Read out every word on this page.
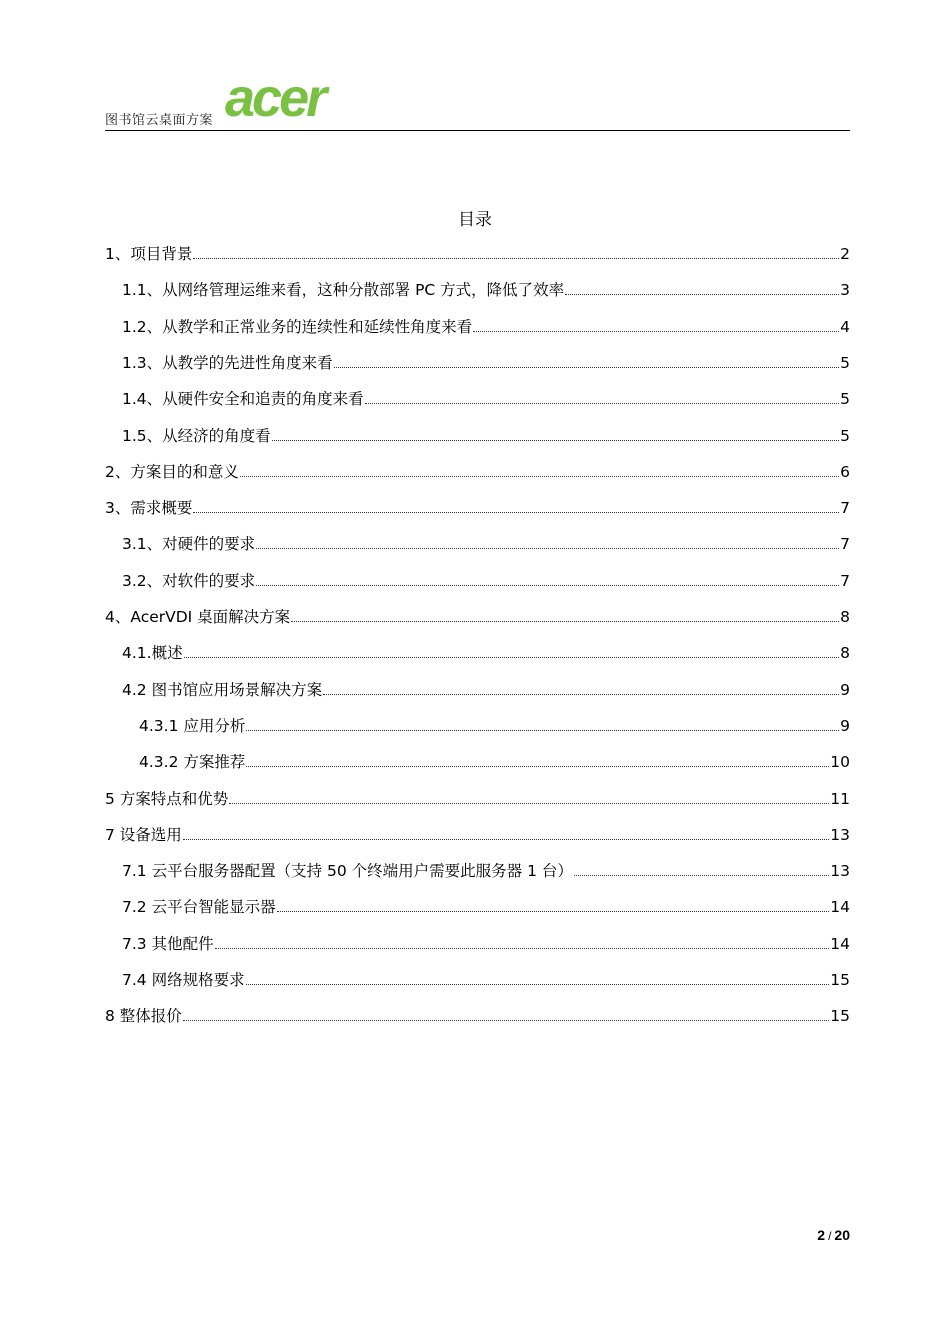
图书馆云桌面方案 acer
目录
1、项目背景	2
1.1、从网络管理运维来看，这种分散部署 PC 方式，降低了效率	3
1.2、从教学和正常业务的连续性和延续性角度来看	4
1.3、从教学的先进性角度来看	5
1.4、从硬件安全和追责的角度来看	5
1.5、从经济的角度看	5
2、方案目的和意义	6
3、需求概要	7
3.1、对硬件的要求	7
3.2、对软件的要求	7
4、AcerVDI 桌面解决方案	8
4.1.概述	8
4.2 图书馆应用场景解决方案	9
4.3.1 应用分析	9
4.3.2 方案推荐	10
5 方案特点和优势	11
7 设备选用	13
7.1 云平台服务器配置（支持 50 个终端用户需要此服务器 1 台）	13
7.2 云平台智能显示器	14
7.3 其他配件	14
7.4 网络规格要求	15
8 整体报价	15
2 / 20
